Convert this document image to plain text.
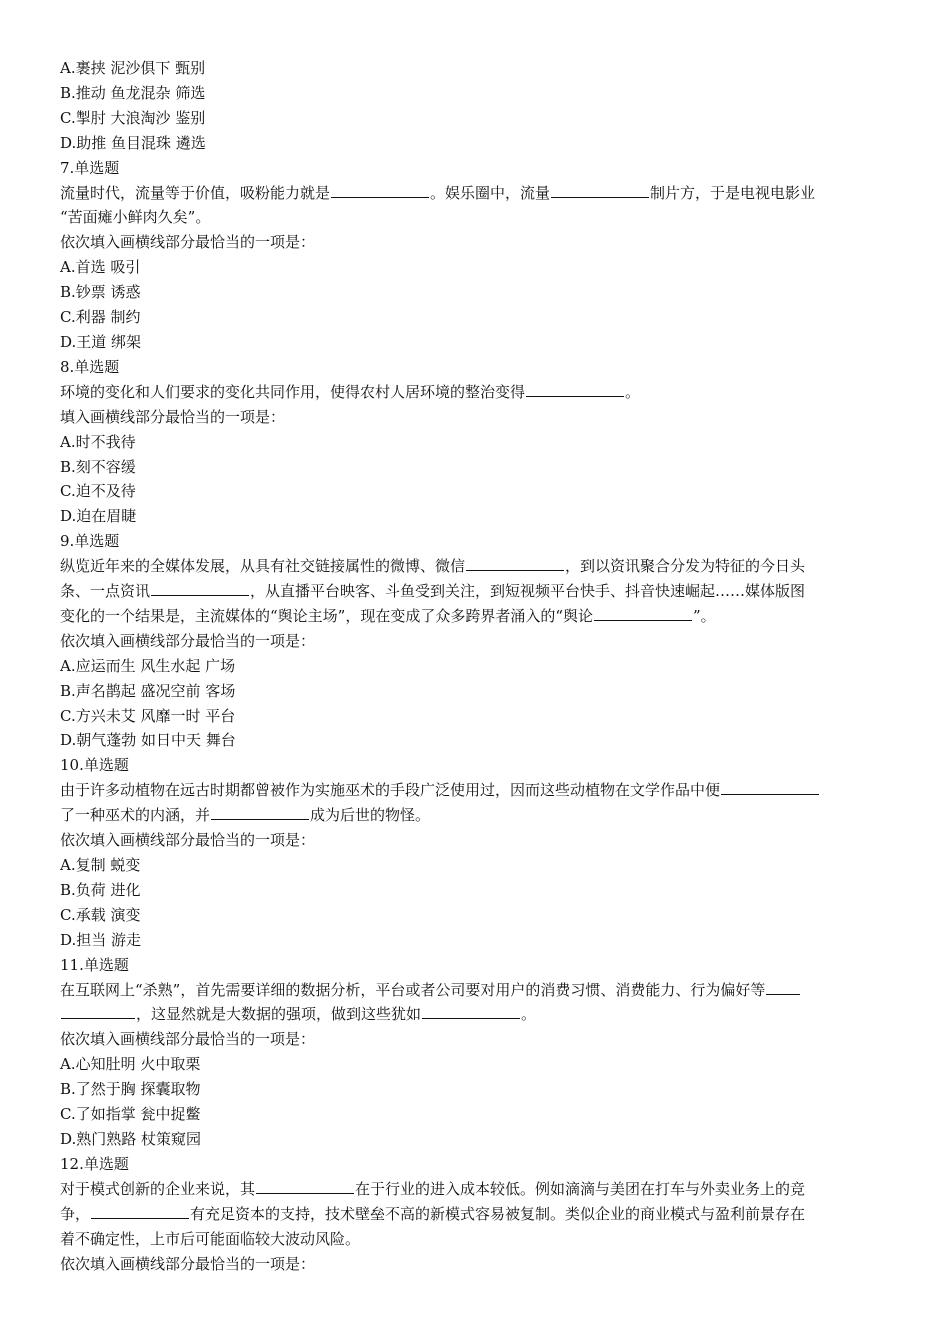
A.裹挟 泥沙俱下 甄别
B.推动 鱼龙混杂 筛选
C.掣肘 大浪淘沙 鉴别
D.助推 鱼目混珠 遴选
7.单选题
流量时代，流量等于价值，吸粉能力就是	。娱乐圈中，流量	制片方，于是电视电影业
“苦面瘫小鲜肉久矣”。
依次填入画横线部分最恰当的一项是：
A.首选 吸引
B.钞票 诱惑
C.利器 制约
D.王道 绑架
8.单选题
环境的变化和人们要求的变化共同作用，使得农村人居环境的整治变得	。
填入画横线部分最恰当的一项是：
A.时不我待
B.刻不容缓
C.迫不及待
D.迫在眉睫
9.单选题
纵览近年来的全媒体发展，从具有社交链接属性的微博、微信	，到以资讯聚合分发为特征的今日头
条、一点资讯	，从直播平台映客、斗鱼受到关注，到短视频平台快手、抖音快速崛起……媒体版图
变化的一个结果是，主流媒体的“舆论主场”，现在变成了众多跨界者涌入的“舆论	”。
依次填入画横线部分最恰当的一项是：
A.应运而生 风生水起 广场
B.声名鹊起 盛况空前 客场
C.方兴未艾 风靡一时 平台
D.朝气蓬勃 如日中天 舞台
10.单选题
由于许多动植物在远古时期都曾被作为实施巫术的手段广泛使用过，因而这些动植物在文学作品中便
了一种巫术的内涵，并	成为后世的物怪。
依次填入画横线部分最恰当的一项是：
A.复制 蜕变
B.负荷 进化
C.承载 演变
D.担当 游走
11.单选题
在互联网上“杀熟”，首先需要详细的数据分析，平台或者公司要对用户的消费习惯、消费能力、行为偏好等
，这显然就是大数据的强项，做到这些犹如	。
依次填入画横线部分最恰当的一项是：
A.心知肚明 火中取栗
B.了然于胸 探囊取物
C.了如指掌 瓮中捉鳖
D.熟门熟路 杖策窥园
12.单选题
对于模式创新的企业来说，其	在于行业的进入成本较低。例如滴滴与美团在打车与外卖业务上的竞
争，	有充足资本的支持，技术壁垒不高的新模式容易被复制。类似企业的商业模式与盈利前景存在
着不确定性，上市后可能面临较大波动风险。
依次填入画横线部分最恰当的一项是：
